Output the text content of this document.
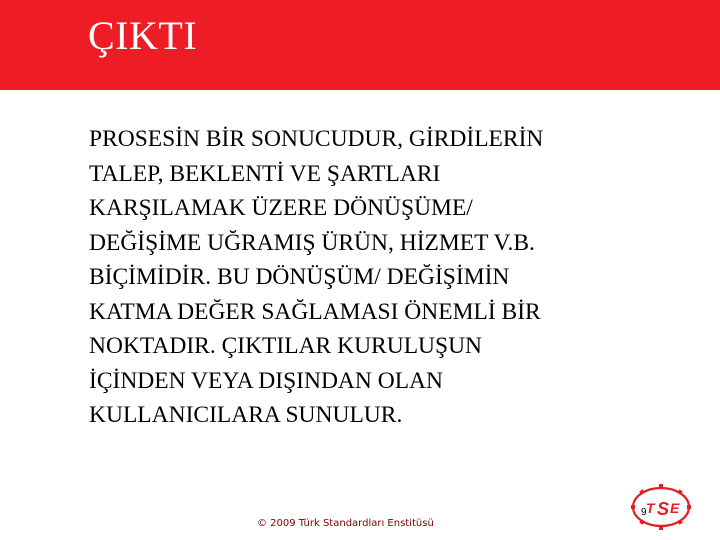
ÇIKTI
PROSESİN BİR SONUCUDUR, GİRDİLERİN
TALEP, BEKLENTİ VE ŞARTLARI
KARŞILAMAK ÜZERE DÖNÜŞÜME/
DEĞİŞİME UĞRAMIŞ ÜRÜN, HİZMET V.B.
BİÇİMİDİR. BU DÖNÜŞÜM/ DEĞİŞİMİN
KATMA DEĞER SAĞLAMASI ÖNEMLİ BİR
NOKTADIR. ÇIKTILAR KURULUŞUN
İÇİNDEN VEYA DIŞINDAN OLAN
KULLANICILARA SUNULUR.
© 2009 Türk Standardları Enstitüsü
T S E
9
